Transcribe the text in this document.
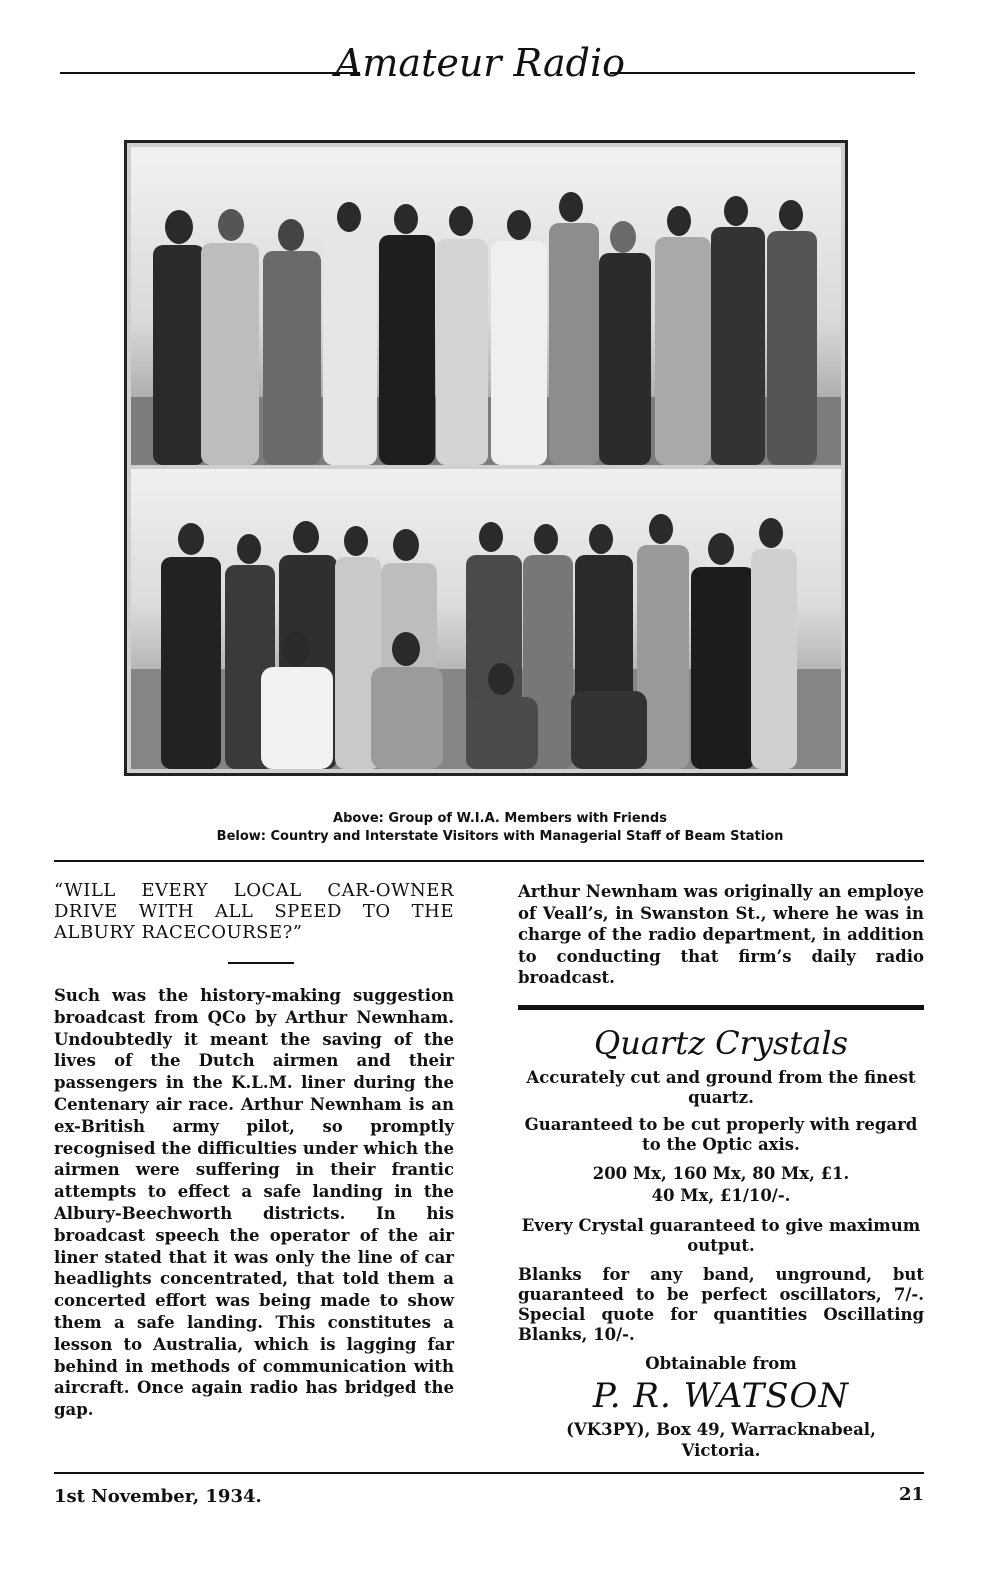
Amateur Radio
Above: Group of W.I.A. Members with Friends
Below: Country and Interstate Visitors with Managerial Staff of Beam Station
“WILL EVERY LOCAL CAR-OWNER DRIVE WITH ALL SPEED TO THE ALBURY RACECOURSE?”
Such was the history-making suggestion broadcast from QCo by Arthur Newnham. Undoubtedly it meant the saving of the lives of the Dutch airmen and their passengers in the K.L.M. liner during the Centenary air race. Arthur Newnham is an ex-British army pilot, so promptly recognised the difficulties under which the airmen were suffering in their frantic attempts to effect a safe landing in the Albury-Beechworth districts. In his broadcast speech the operator of the air liner stated that it was only the line of car headlights concentrated, that told them a concerted effort was being made to show them a safe landing. This constitutes a lesson to Australia, which is lagging far behind in methods of communication with aircraft. Once again radio has bridged the gap.
Arthur Newnham was originally an employe of Veall’s, in Swanston St., where he was in charge of the radio department, in addition to conducting that firm’s daily radio broadcast.
Quartz Crystals
Accurately cut and ground from the finest quartz.
Guaranteed to be cut properly with regard to the Optic axis.
200 Mx, 160 Mx, 80 Mx, £1.
40 Mx, £1/10/-.
Every Crystal guaranteed to give maximum output.
Blanks for any band, unground, but guaranteed to be perfect oscillators, 7/-. Special quote for quantities Oscillating Blanks, 10/-.
Obtainable from
P. R. WATSON
(VK3PY), Box 49, Warracknabeal,
Victoria.
1st November, 1934.	21
